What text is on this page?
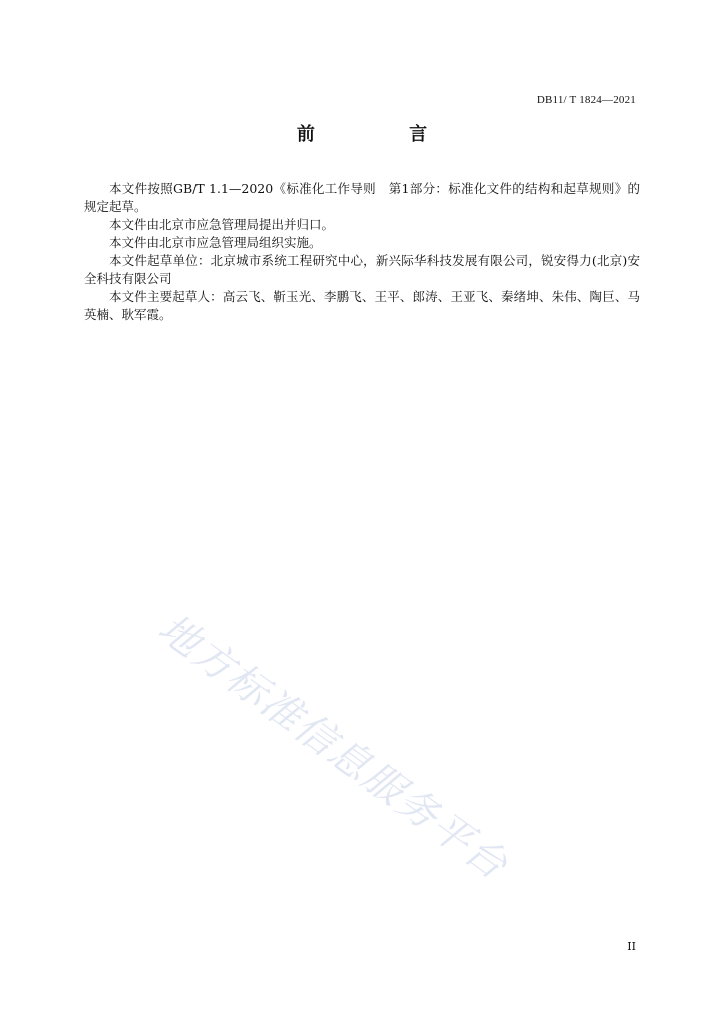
DB11/ T 1824—2021
前 言

本文件按照GB/T 1.1—2020《标准化工作导则　第1部分：标准化文件的结构和起草规则》的规定起草。

本文件由北京市应急管理局提出并归口。

本文件由北京市应急管理局组织实施。

本文件起草单位：北京城市系统工程研究中心，新兴际华科技发展有限公司，锐安得力(北京)安全科技有限公司

本文件主要起草人：高云飞、靳玉光、李鹏飞、王平、郎涛、王亚飞、秦绪坤、朱伟、陶巨、马英楠、耿军霞。

地方标准信息服务平台
II
